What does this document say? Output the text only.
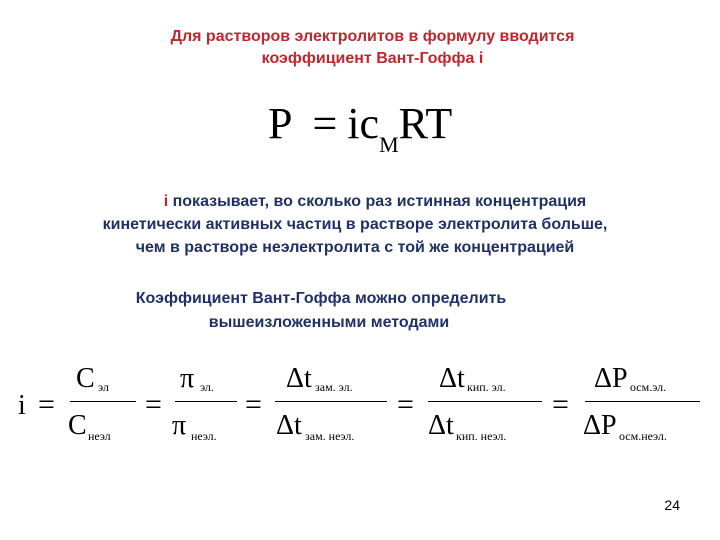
Для растворов электролитов в формулу вводится
коэффициент Вант-Гоффа i
$P = ic_MRT$
i показывает, во сколько раз истинная концентрация
кинетически активных частиц в растворе электролита больше,
чем в растворе неэлектролита с той же концентрацией
Коэффициент Вант-Гоффа можно определить
вышеизложенными методами
i =
C эл
C неэл
=
π эл.
π неэл.
=
Δt зам. эл.
Δt зам. неэл.
=
Δt кип. эл.
Δt кип. неэл.
=
ΔP осм.эл.
ΔP осм.неэл.
24
